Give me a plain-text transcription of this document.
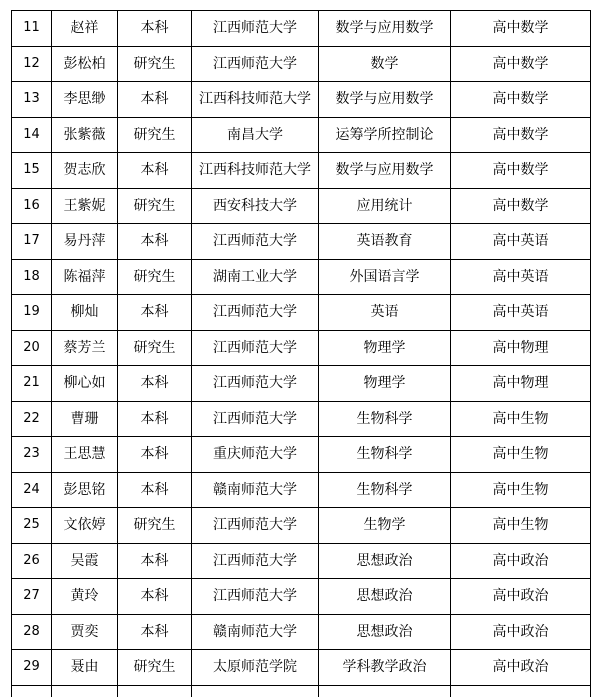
11	赵祥	本科	江西师范大学	数学与应用数学	高中数学
12	彭松柏	研究生	江西师范大学	数学	高中数学
13	李思缈	本科	江西科技师范大学	数学与应用数学	高中数学
14	张紫薇	研究生	南昌大学	运筹学所控制论	高中数学
15	贺志欣	本科	江西科技师范大学	数学与应用数学	高中数学
16	王紫妮	研究生	西安科技大学	应用统计	高中数学
17	易丹萍	本科	江西师范大学	英语教育	高中英语
18	陈福萍	研究生	湖南工业大学	外国语言学	高中英语
19	柳灿	本科	江西师范大学	英语	高中英语
20	蔡芳兰	研究生	江西师范大学	物理学	高中物理
21	柳心如	本科	江西师范大学	物理学	高中物理
22	曹珊	本科	江西师范大学	生物科学	高中生物
23	王思慧	本科	重庆师范大学	生物科学	高中生物
24	彭思铭	本科	赣南师范大学	生物科学	高中生物
25	文依婷	研究生	江西师范大学	生物学	高中生物
26	吴霞	本科	江西师范大学	思想政治	高中政治
27	黄玲	本科	江西师范大学	思想政治	高中政治
28	贾奕	本科	赣南师范大学	思想政治	高中政治
29	聂由	研究生	太原师范学院	学科教学政治	高中政治
